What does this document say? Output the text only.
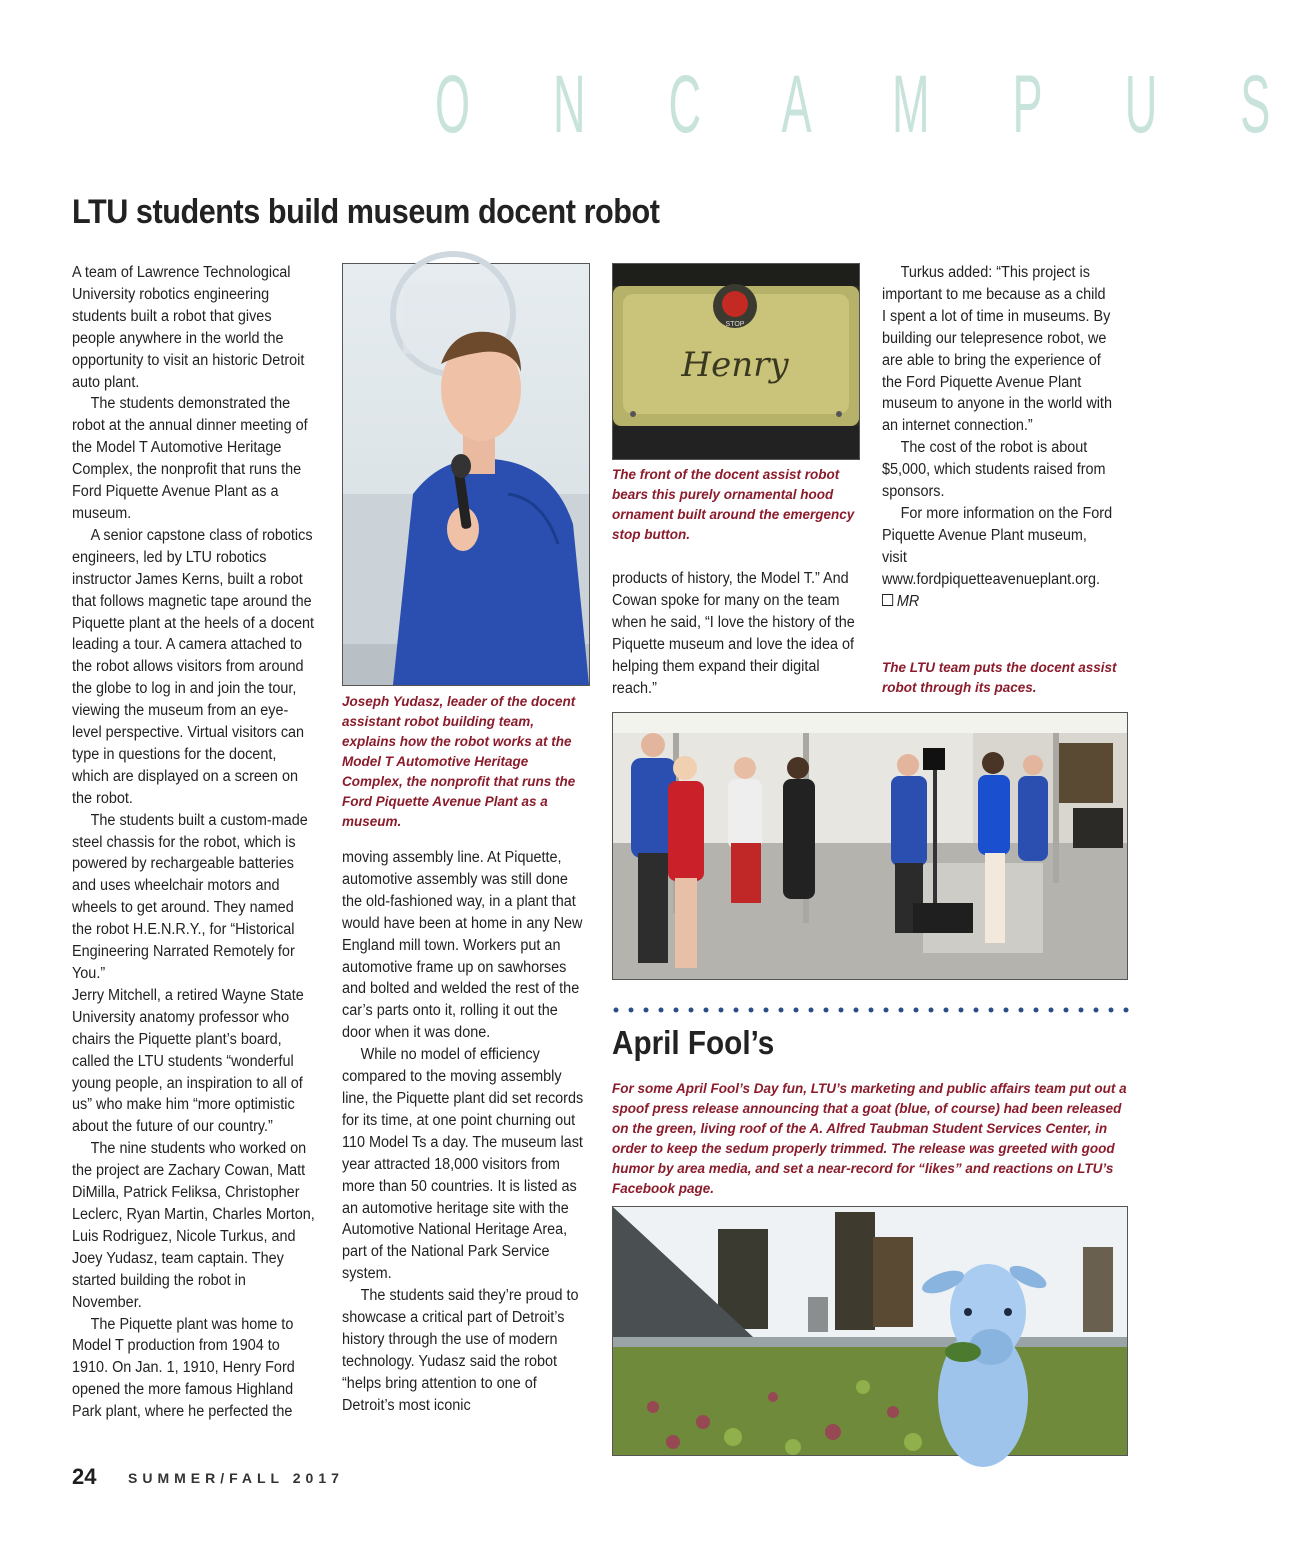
O N C A M P U S
LTU students build museum docent robot

A team of Lawrence Technological University robotics engineering students built a robot that gives people anywhere in the world the opportunity to visit an historic Detroit auto plant.

The students demonstrated the robot at the annual dinner meeting of the Model T Automotive Heritage Complex, the nonprofit that runs the Ford Piquette Avenue Plant as a museum.

A senior capstone class of robotics engineers, led by LTU robotics instructor James Kerns, built a robot that follows magnetic tape around the Piquette plant at the heels of a docent leading a tour. A camera attached to the robot allows visitors from around the globe to log in and join the tour, viewing the museum from an eye-level perspective. Virtual visitors can type in questions for the docent, which are displayed on a screen on the robot.

The students built a custom-made steel chassis for the robot, which is powered by rechargeable batteries and uses wheelchair motors and wheels to get around. They named the robot H.E.N.R.Y., for “Historical Engineering Narrated Remotely for You.”

Jerry Mitchell, a retired Wayne State University anatomy professor who chairs the Piquette plant’s board, called the LTU students “wonderful young people, an inspiration to all of us” who make him “more optimistic about the future of our country.”

The nine students who worked on the project are Zachary Cowan, Matt DiMilla, Patrick Feliksa, Christopher Leclerc, Ryan Martin, Charles Morton, Luis Rodriguez, Nicole Turkus, and Joey Yudasz, team captain. They started building the robot in November.

The Piquette plant was home to Model T production from 1904 to 1910. On Jan. 1, 1910, Henry Ford opened the more famous Highland Park plant, where he perfected the

Joseph Yudasz, leader of the docent assistant robot building team, explains how the robot works at the Model T Automotive Heritage Complex, the nonprofit that runs the Ford Piquette Avenue Plant as a museum.

moving assembly line. At Piquette, automotive assembly was still done the old-fashioned way, in a plant that would have been at home in any New England mill town. Workers put an automotive frame up on sawhorses and bolted and welded the rest of the car’s parts onto it, rolling it out the door when it was done.

While no model of efficiency compared to the moving assembly line, the Piquette plant did set records for its time, at one point churning out 110 Model Ts a day. The museum last year attracted 18,000 visitors from more than 50 countries. It is listed as an automotive heritage site with the Automotive National Heritage Area, part of the National Park Service system.

The students said they’re proud to showcase a critical part of Detroit’s history through the use of modern technology. Yudasz said the robot “helps bring attention to one of Detroit’s most iconic

STOP
Henry
The front of the docent assist robot bears this purely ornamental hood ornament built around the emergency stop button.

products of history, the Model T.” And Cowan spoke for many on the team when he said, “I love the history of the Piquette museum and love the idea of helping them expand their digital reach.”

Turkus added: “This project is important to me because as a child I spent a lot of time in museums. By building our telepresence robot, we are able to bring the experience of the Ford Piquette Avenue Plant museum to anyone in the world with an internet connection.”

The cost of the robot is about $5,000, which students raised from sponsors.

For more information on the Ford Piquette Avenue Plant museum, visit www.fordpiquetteavenueplant.org.

MR

The LTU team puts the docent assist robot through its paces.
April Fool’s
For some April Fool’s Day fun, LTU’s marketing and public affairs team put out a spoof press release announcing that a goat (blue, of course) had been released on the green, living roof of the A. Alfred Taubman Student Services Center, in order to keep the sedum properly trimmed. The release was greeted with good humor by area media, and set a near-record for “likes” and reactions on LTU’s Facebook page.
24 SUMMER/FALL 2017
